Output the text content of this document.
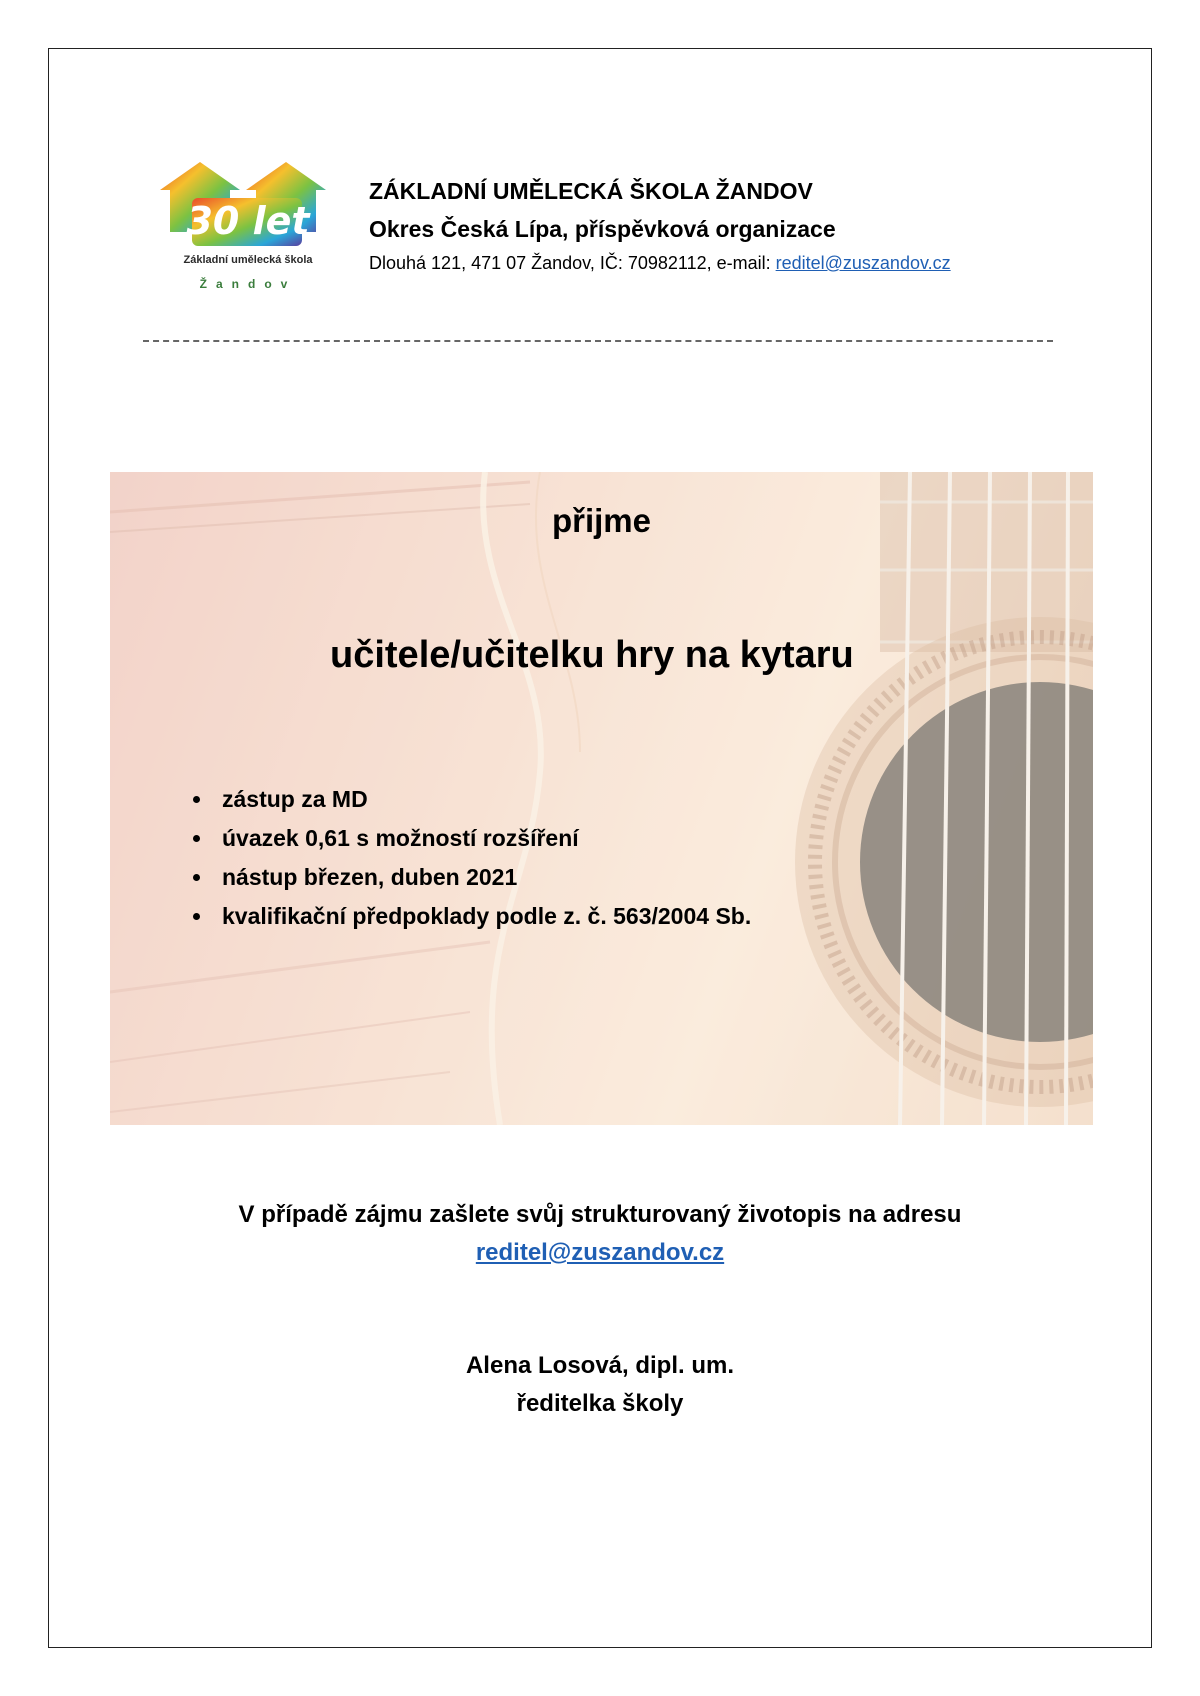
30 let
Základní umělecká škola
Žandov
ZÁKLADNÍ UMĚLECKÁ ŠKOLA ŽANDOV
Okres Česká Lípa, příspěvková organizace
Dlouhá 121, 471 07 Žandov, IČ: 70982112, e-mail: reditel@zuszandov.cz
přijme
učitele/učitelku hry na kytaru
• zástup za MD
• úvazek 0,61 s možností rozšíření
• nástup březen, duben 2021
• kvalifikační předpoklady podle z. č. 563/2004 Sb.
V případě zájmu zašlete svůj strukturovaný životopis na adresu
reditel@zuszandov.cz
Alena Losová, dipl. um.
ředitelka školy
